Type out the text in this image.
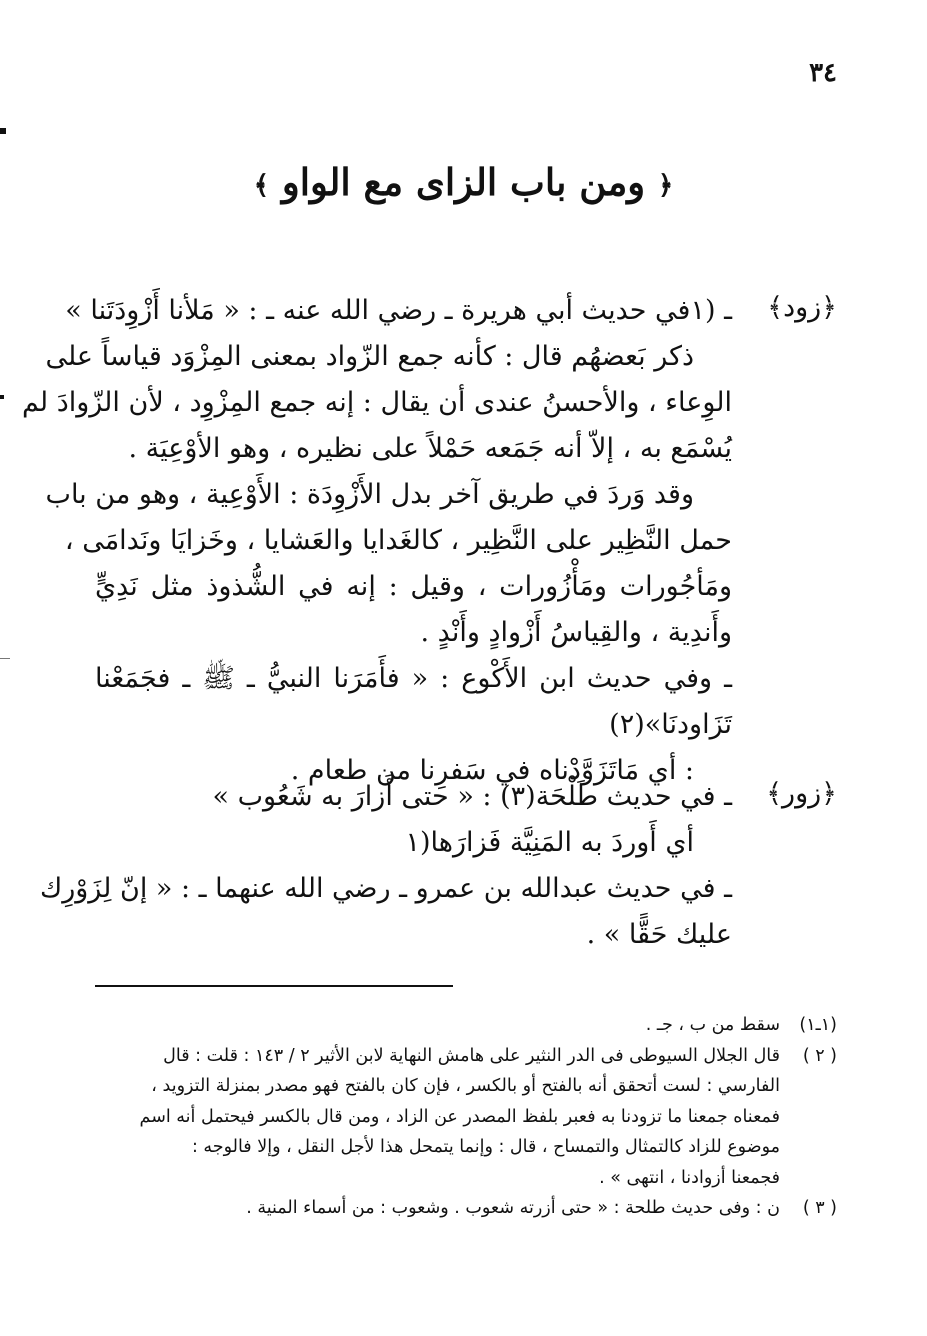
٣٤
﴿ ومن باب الزاى مع الواو ﴾
﴿زود﴾
ـ (١في حديث أبي هريرة ـ رضي الله عنه ـ : « مَلأنا أَزْوِدَتَنا »
ذكر بَعضهُم قال : كأنه جمع الزّواد بمعنى المِزْوَد قياساً على
الوِعاء ، والأحسنُ عندى أن يقال : إنه جمع المِزْوِد ، لأن الزّوادَ لم
يُسْمَع به ، إلاّ أنه جَمَعه حَمْلاً على نظيره ، وهو الأوْعِيَة .
وقد وَردَ في طريق آخر بدل الأَزْوِدَة : الأَوْعِية ، وهو من باب
حمل النَّظِير على النَّظِير ، كالغَدايا والعَشايا ، وخَزايَا ونَدامَى ،
ومَأجُورات ومَأْزُورات ، وقيل : إنه في الشُّذوذ مثل نَدِيٍّ
وأَندِية ، والقِياسُ أَزْوادٍ وأَنْدٍ .
ـ وفي حديث ابن الأَكْوع : « فأَمَرَنا النبيُّ ـ ﷺ ـ فجَمَعْنا
تَزَاودنَا»(٢)
: أي مَاتَزَوَّدْناه في سَفرِنا من طعام .
﴿زور﴾
ـ في حديث طَلْحَة(٣) : « حتى أَزارَ به شَعُوب »
أي أَوردَ به المَنِيَّة فَزارَها(١
ـ في حديث عبدالله بن عمرو ـ رضي الله عنهما ـ : « إنّ لِزَوْرِك
عليك حَقًّا » .
(١ـ١)
سقط من ب ، جـ .
( ٢ )
قال الجلال السيوطى فى الدر النثير على هامش النهاية لابن الأثير ٢ / ١٤٣ : قلت : قال
الفارسي : لست أتحقق أنه بالفتح أو بالكسر ، فإن كان بالفتح فهو مصدر بمنزلة التزويد ،
فمعناه جمعنا ما تزودنا به فعبر بلفظ المصدر عن الزاد ، ومن قال بالكسر فيحتمل أنه اسم
موضوع للزاد كالتمثال والتمساح ، قال : وإنما يتمحل هذا لأجل النقل ، وإلا فالوجه :
فجمعنا أزوادنا ، انتهى » .
( ٣ )
ن : وفى حديث طلحة : « حتى أزرته شعوب . وشعوب : من أسماء المنية .
